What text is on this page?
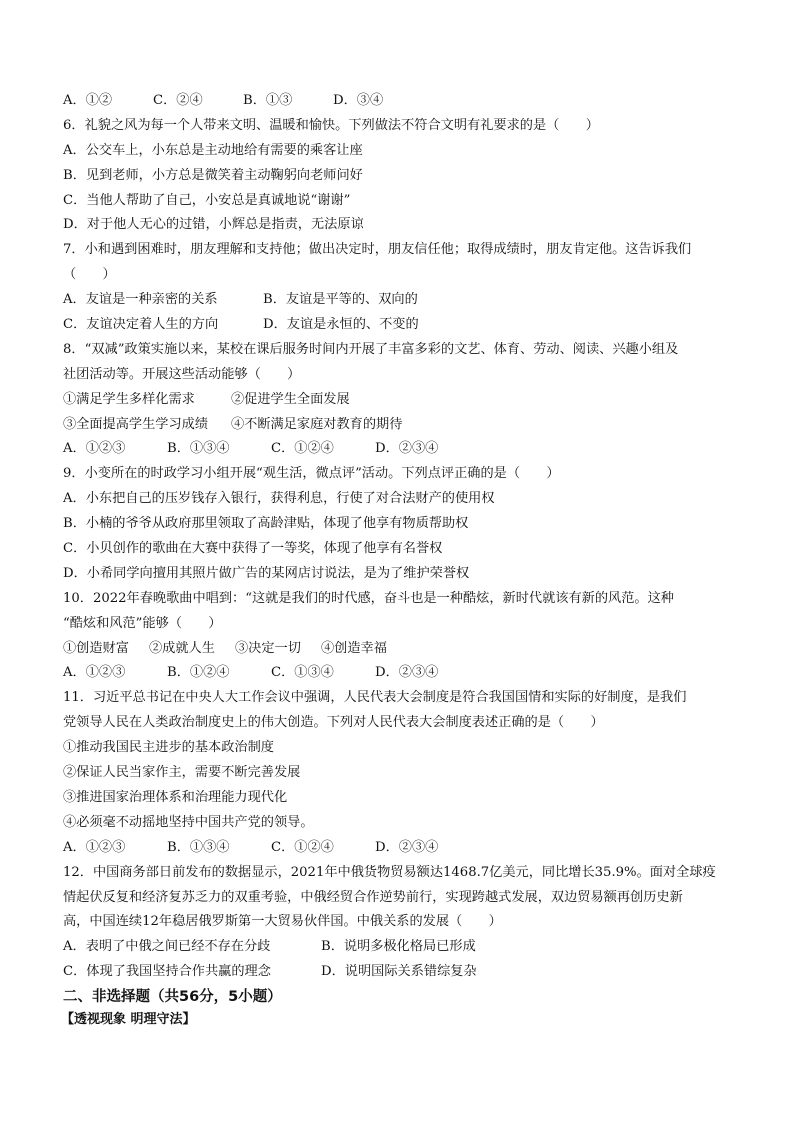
A．①②	C．②④	B．①③	D．③④
6．礼貌之风为每一个人带来文明、温暖和愉快。下列做法不符合文明有礼要求的是（　　）
A．公交车上，小东总是主动地给有需要的乘客让座
B．见到老师，小方总是微笑着主动鞠躬向老师问好
C．当他人帮助了自己，小安总是真诚地说“谢谢”
D．对于他人无心的过错，小辉总是指责，无法原谅
7．小和遇到困难时，朋友理解和支持他；做出决定时，朋友信任他；取得成绩时，朋友肯定他。这告诉我们
（　　）
A．友谊是一种亲密的关系	B．友谊是平等的、双向的
C．友谊决定着人生的方向	D．友谊是永恒的、不变的
8．“双减”政策实施以来，某校在课后服务时间内开展了丰富多彩的文艺、体育、劳动、阅读、兴趣小组及
社团活动等。开展这些活动能够（　　）
①满足学生多样化需求	②促进学生全面发展
③全面提高学生学习成绩	④不断满足家庭对教育的期待
A．①②③	B．①③④	C．①②④	D．②③④
9．小变所在的时政学习小组开展“观生活，微点评”活动。下列点评正确的是（　　）
A．小东把自己的压岁钱存入银行，获得利息，行使了对合法财产的使用权
B．小楠的爷爷从政府那里领取了高龄津贴，体现了他享有物质帮助权
C．小贝创作的歌曲在大赛中获得了一等奖，体现了他享有名誉权
D．小希同学向擅用其照片做广告的某网店讨说法，是为了维护荣誉权
10．2022年春晚歌曲中唱到：“这就是我们的时代感，奋斗也是一种酷炫，新时代就该有新的风范。这种
“酷炫和风范”能够（　　）
①创造财富	②成就人生	③决定一切	④创造幸福
A．①②③	B．①②④	C．①③④	D．②③④
11．习近平总书记在中央人大工作会议中强调，人民代表大会制度是符合我国国情和实际的好制度，是我们
党领导人民在人类政治制度史上的伟大创造。下列对人民代表大会制度表述正确的是（　　）
①推动我国民主进步的基本政治制度
②保证人民当家作主，需要不断完善发展
③推进国家治理体系和治理能力现代化
④必须毫不动摇地坚持中国共产党的领导。
A．①②③	B．①③④	C．①②④	D．②③④
12．中国商务部日前发布的数据显示，2021年中俄货物贸易额达1468.7亿美元，同比增长35.9%。面对全球疫
情起伏反复和经济复苏乏力的双重考验，中俄经贸合作逆势前行，实现跨越式发展，双边贸易额再创历史新
高，中国连续12年稳居俄罗斯第一大贸易伙伴国。中俄关系的发展（　　）
A．表明了中俄之间已经不存在分歧	B．说明多极化格局已形成
C．体现了我国坚持合作共赢的理念	D．说明国际关系错综复杂
二、非选择题（共56分，5小题）
【透视现象 明理守法】
